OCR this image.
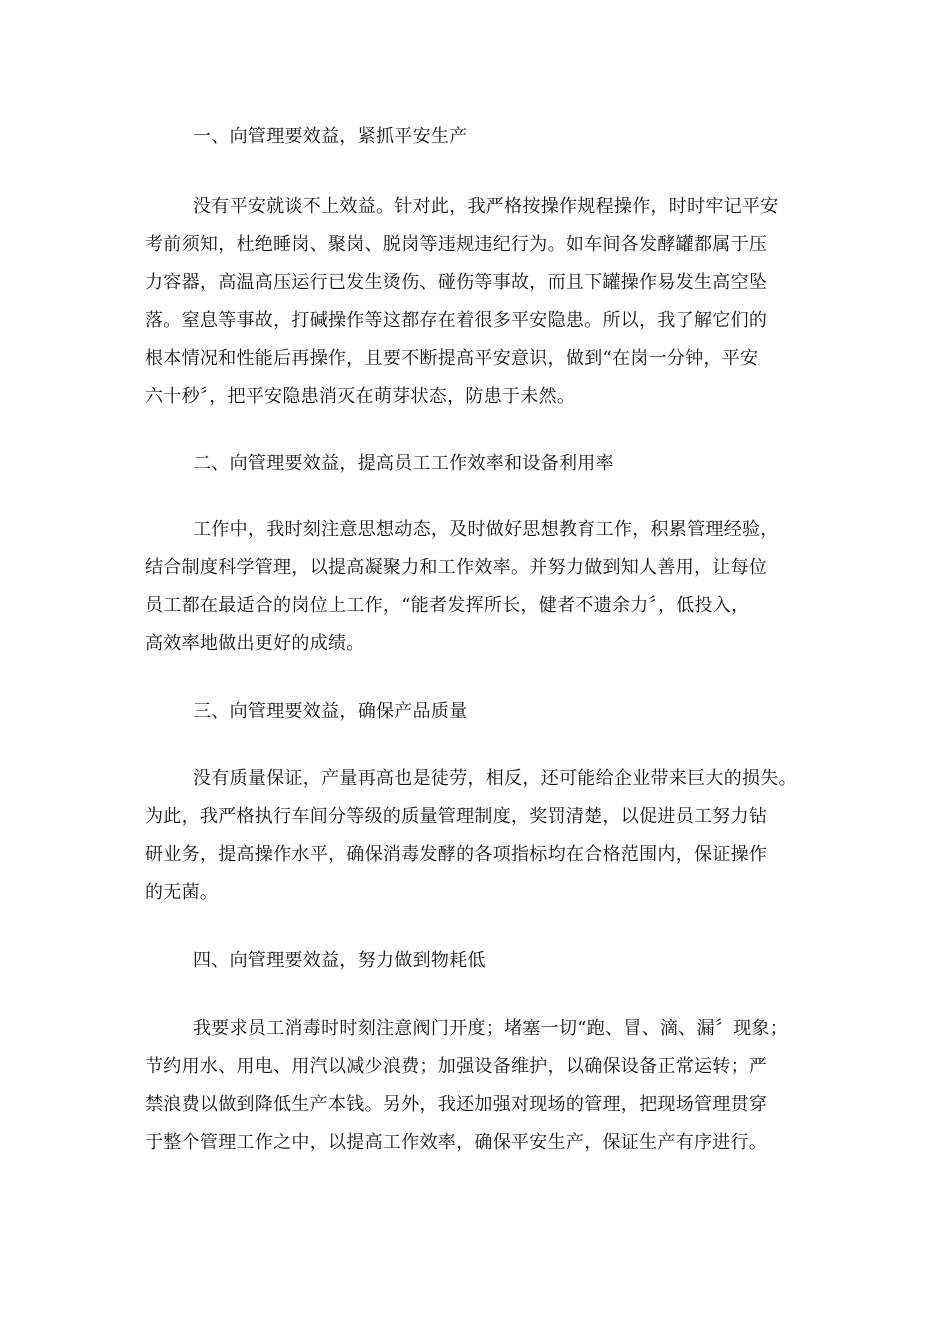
一、向管理要效益，紧抓平安生产
没有平安就谈不上效益。针对此，我严格按操作规程操作，时时牢记平安
考前须知，杜绝睡岗、聚岗、脱岗等违规违纪行为。如车间各发酵罐都属于压
力容器，高温高压运行已发生烫伤、碰伤等事故，而且下罐操作易发生高空坠
落。窒息等事故，打碱操作等这都存在着很多平安隐患。所以，我了解它们的
根本情况和性能后再操作，且要不断提高平安意识，做到“在岗一分钟，平安
六十秒〞，把平安隐患消灭在萌芽状态，防患于未然。
二、向管理要效益，提高员工工作效率和设备利用率
工作中，我时刻注意思想动态，及时做好思想教育工作，积累管理经验，
结合制度科学管理，以提高凝聚力和工作效率。并努力做到知人善用，让每位
员工都在最适合的岗位上工作，“能者发挥所长，健者不遗余力〞，低投入，
高效率地做出更好的成绩。
三、向管理要效益，确保产品质量
没有质量保证，产量再高也是徒劳，相反，还可能给企业带来巨大的损失。
为此，我严格执行车间分等级的质量管理制度，奖罚清楚，以促进员工努力钻
研业务，提高操作水平，确保消毒发酵的各项指标均在合格范围内，保证操作
的无菌。
四、向管理要效益，努力做到物耗低
我要求员工消毒时时刻注意阀门开度；堵塞一切“跑、冒、滴、漏〞现象；
节约用水、用电、用汽以减少浪费；加强设备维护，以确保设备正常运转；严
禁浪费以做到降低生产本钱。另外，我还加强对现场的管理，把现场管理贯穿
于整个管理工作之中，以提高工作效率，确保平安生产，保证生产有序进行。
